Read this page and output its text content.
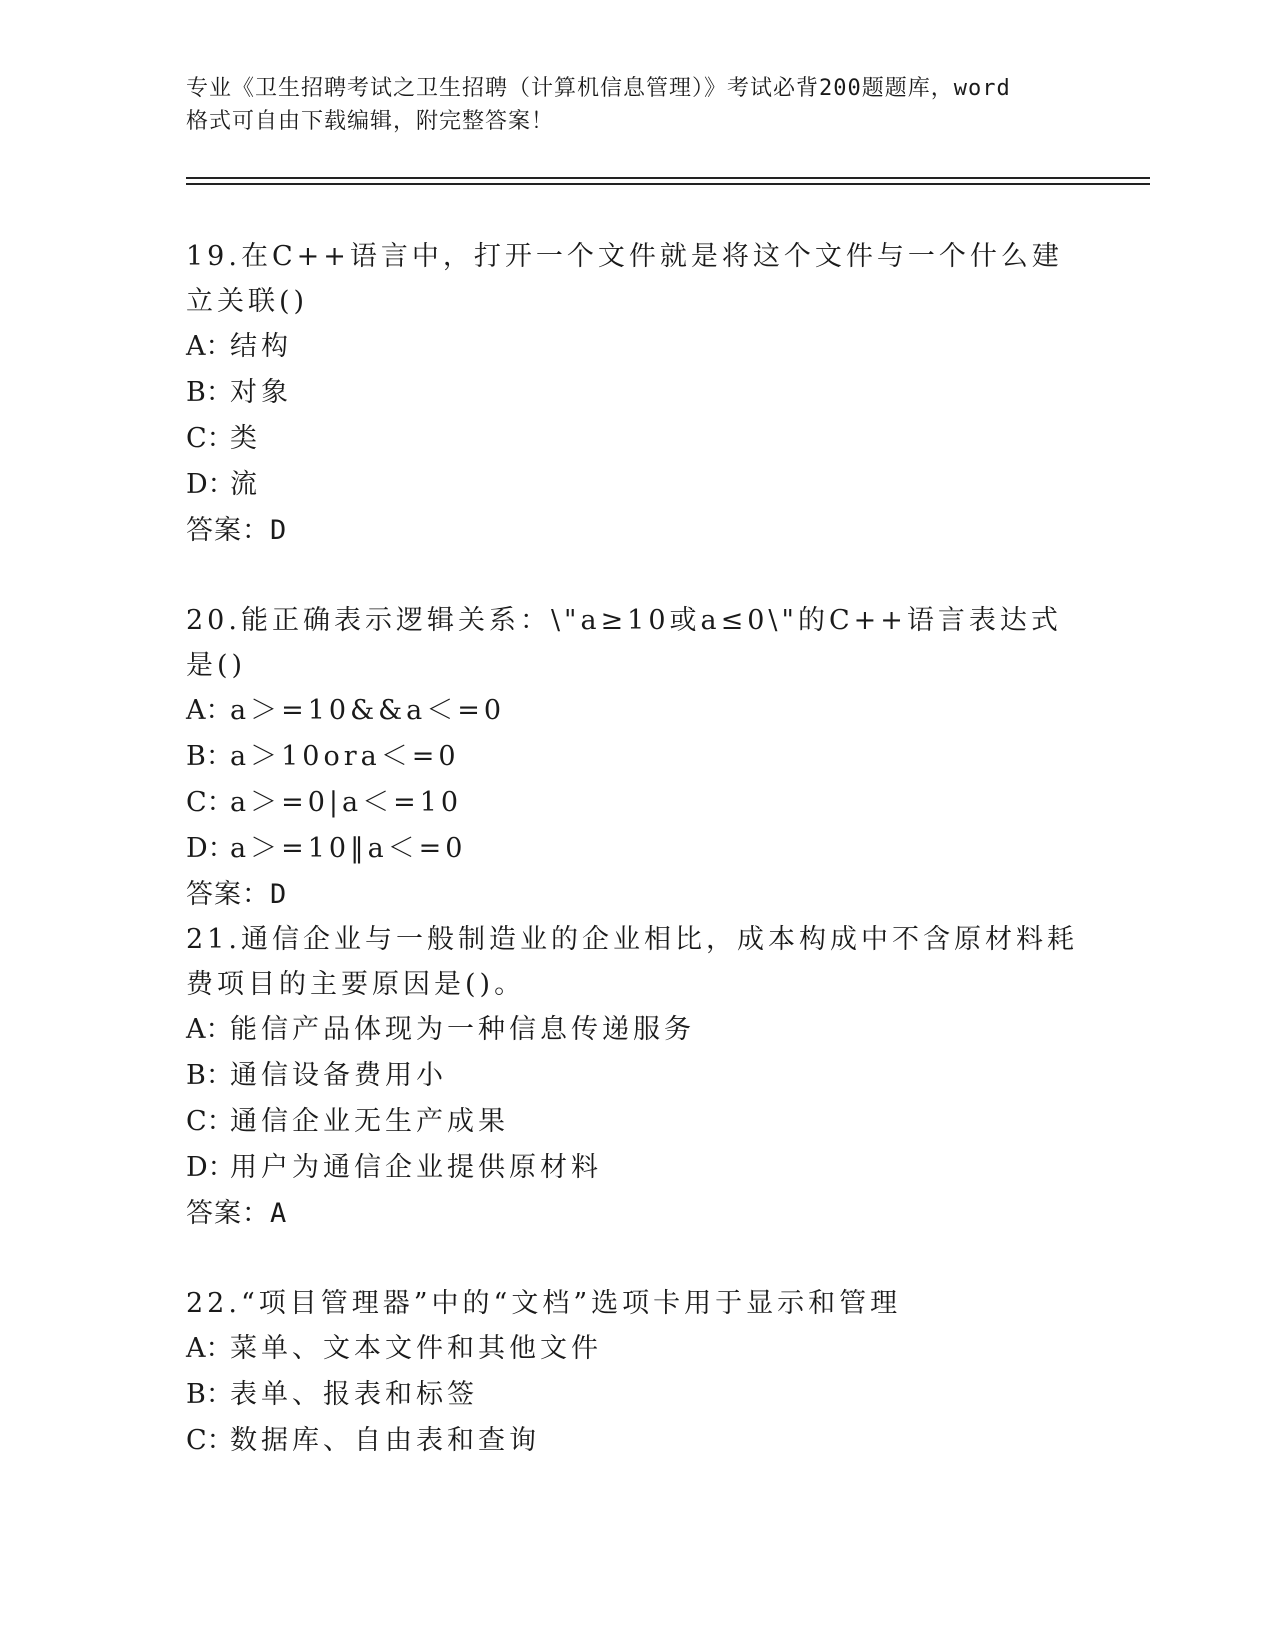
专业《卫生招聘考试之卫生招聘（计算机信息管理）》考试必背200题题库，word
格式可自由下载编辑，附完整答案！
19.在C++语言中，打开一个文件就是将这个文件与一个什么建立关联()
A：
结构
B：
对象
C：
类
D：
流
答案：D
20.能正确表示逻辑关系：\"a≥10或a≤0\"的C++语言表达式是()
A：
a＞=10&&a＜=0
B：
a＞10ora＜=0
C：
a＞=0|a＜=10
D：
a＞=10‖a＜=0
答案：D
21.通信企业与一般制造业的企业相比，成本构成中不含原材料耗费项目的主要原因是()。
A：
能信产品体现为一种信息传递服务
B：
通信设备费用小
C：
通信企业无生产成果
D：
用户为通信企业提供原材料
答案：A
22.“项目管理器”中的“文档”选项卡用于显示和管理
A：
菜单、文本文件和其他文件
B：
表单、报表和标签
C：
数据库、自由表和查询
